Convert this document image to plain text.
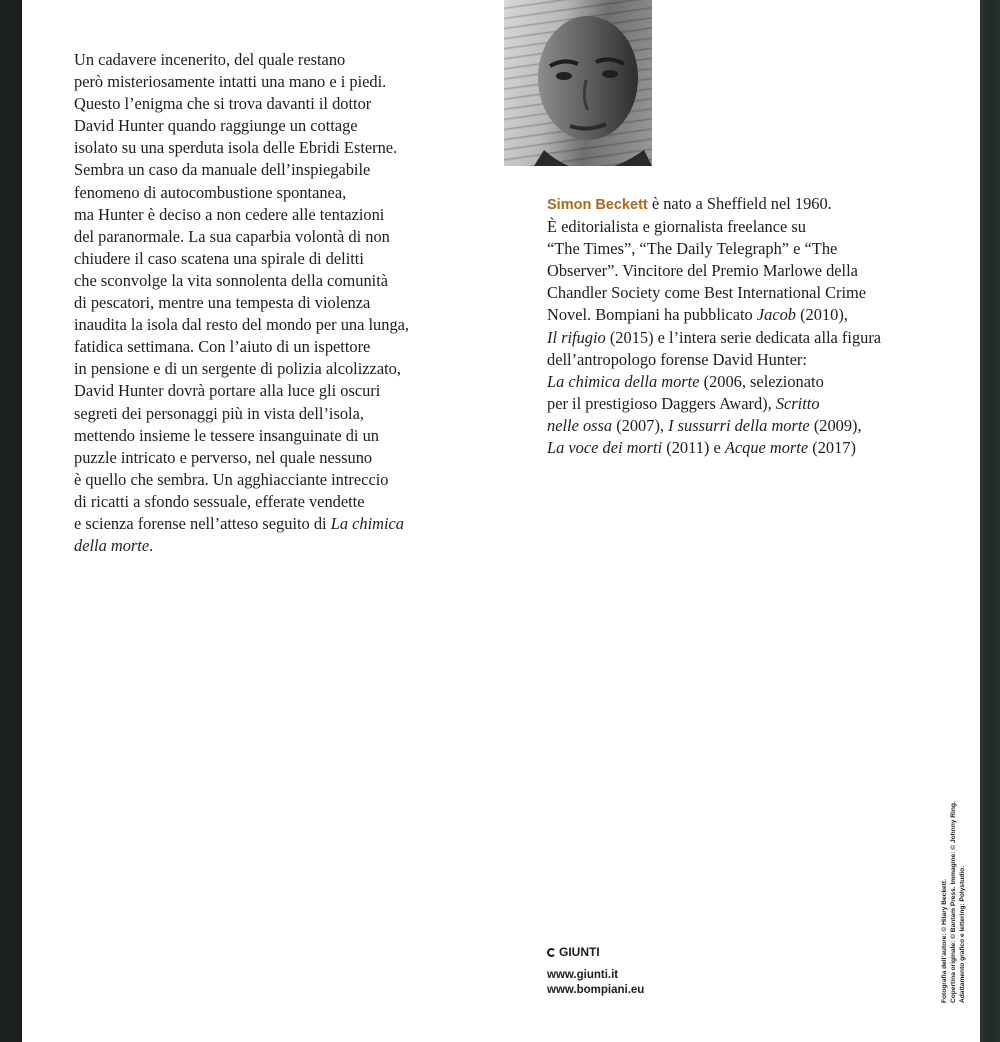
Un cadavere incenerito, del quale restano
però misteriosamente intatti una mano e i piedi.
Questo l’enigma che si trova davanti il dottor
David Hunter quando raggiunge un cottage
isolato su una sperduta isola delle Ebridi Esterne.
Sembra un caso da manuale dell’inspiegabile
fenomeno di autocombustione spontanea,
ma Hunter è deciso a non cedere alle tentazioni
del paranormale. La sua caparbia volontà di non
chiudere il caso scatena una spirale di delitti
che sconvolge la vita sonnolenta della comunità
di pescatori, mentre una tempesta di violenza
inaudita la isola dal resto del mondo per una lunga,
fatidica settimana. Con l’aiuto di un ispettore
in pensione e di un sergente di polizia alcolizzato,
David Hunter dovrà portare alla luce gli oscuri
segreti dei personaggi più in vista dell’isola,
mettendo insieme le tessere insanguinate di un
puzzle intricato e perverso, nel quale nessuno
è quello che sembra. Un agghiacciante intreccio
di ricatti a sfondo sessuale, efferate vendette
e scienza forense nell’atteso seguito di La chimica
della morte.

Simon Beckett è nato a Sheffield nel 1960.
È editorialista e giornalista freelance su
“The Times”, “The Daily Telegraph” e “The
Observer”. Vincitore del Premio Marlowe della
Chandler Society come Best International Crime
Novel. Bompiani ha pubblicato Jacob (2010),
Il rifugio (2015) e l’intera serie dedicata alla figura
dell’antropologo forense David Hunter:
La chimica della morte (2006, selezionato
per il prestigioso Daggers Award), Scritto
nelle ossa (2007), I sussurri della morte (2009),
La voce dei morti (2011) e Acque morte (2017)

GIUNTI
www.giunti.it
www.bompiani.eu	Fotografia dell’autore: © Hilary Beckett. Copertina originale: © Bantam Press. Immagine: © Johnny Ring. Adattamento grafico e lettering: Polystudio.
